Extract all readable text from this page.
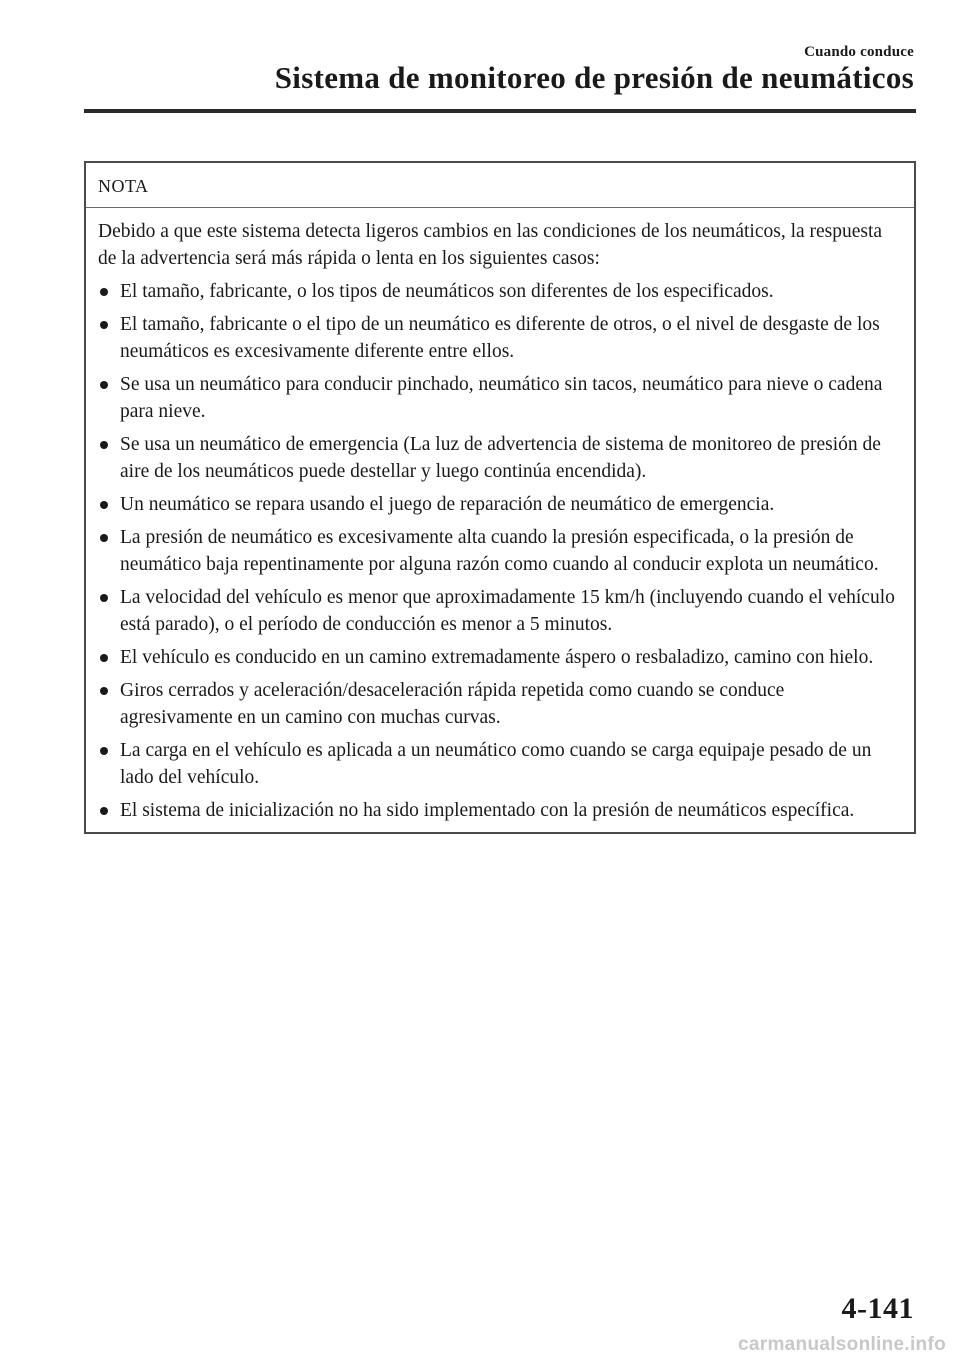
Cuando conduce
Sistema de monitoreo de presión de neumáticos
NOTA

Debido a que este sistema detecta ligeros cambios en las condiciones de los neumáticos, la respuesta de la advertencia será más rápida o lenta en los siguientes casos:

El tamaño, fabricante, o los tipos de neumáticos son diferentes de los especificados.
El tamaño, fabricante o el tipo de un neumático es diferente de otros, o el nivel de desgaste de los neumáticos es excesivamente diferente entre ellos.
Se usa un neumático para conducir pinchado, neumático sin tacos, neumático para nieve o cadena para nieve.
Se usa un neumático de emergencia (La luz de advertencia de sistema de monitoreo de presión de aire de los neumáticos puede destellar y luego continúa encendida).
Un neumático se repara usando el juego de reparación de neumático de emergencia.
La presión de neumático es excesivamente alta cuando la presión especificada, o la presión de neumático baja repentinamente por alguna razón como cuando al conducir explota un neumático.
La velocidad del vehículo es menor que aproximadamente 15 km/h (incluyendo cuando el vehículo está parado), o el período de conducción es menor a 5 minutos.
El vehículo es conducido en un camino extremadamente áspero o resbaladizo, camino con hielo.
Giros cerrados y aceleración/desaceleración rápida repetida como cuando se conduce agresivamente en un camino con muchas curvas.
La carga en el vehículo es aplicada a un neumático como cuando se carga equipaje pesado de un lado del vehículo.
El sistema de inicialización no ha sido implementado con la presión de neumáticos específica.
4-141
carmanualsonline.info
